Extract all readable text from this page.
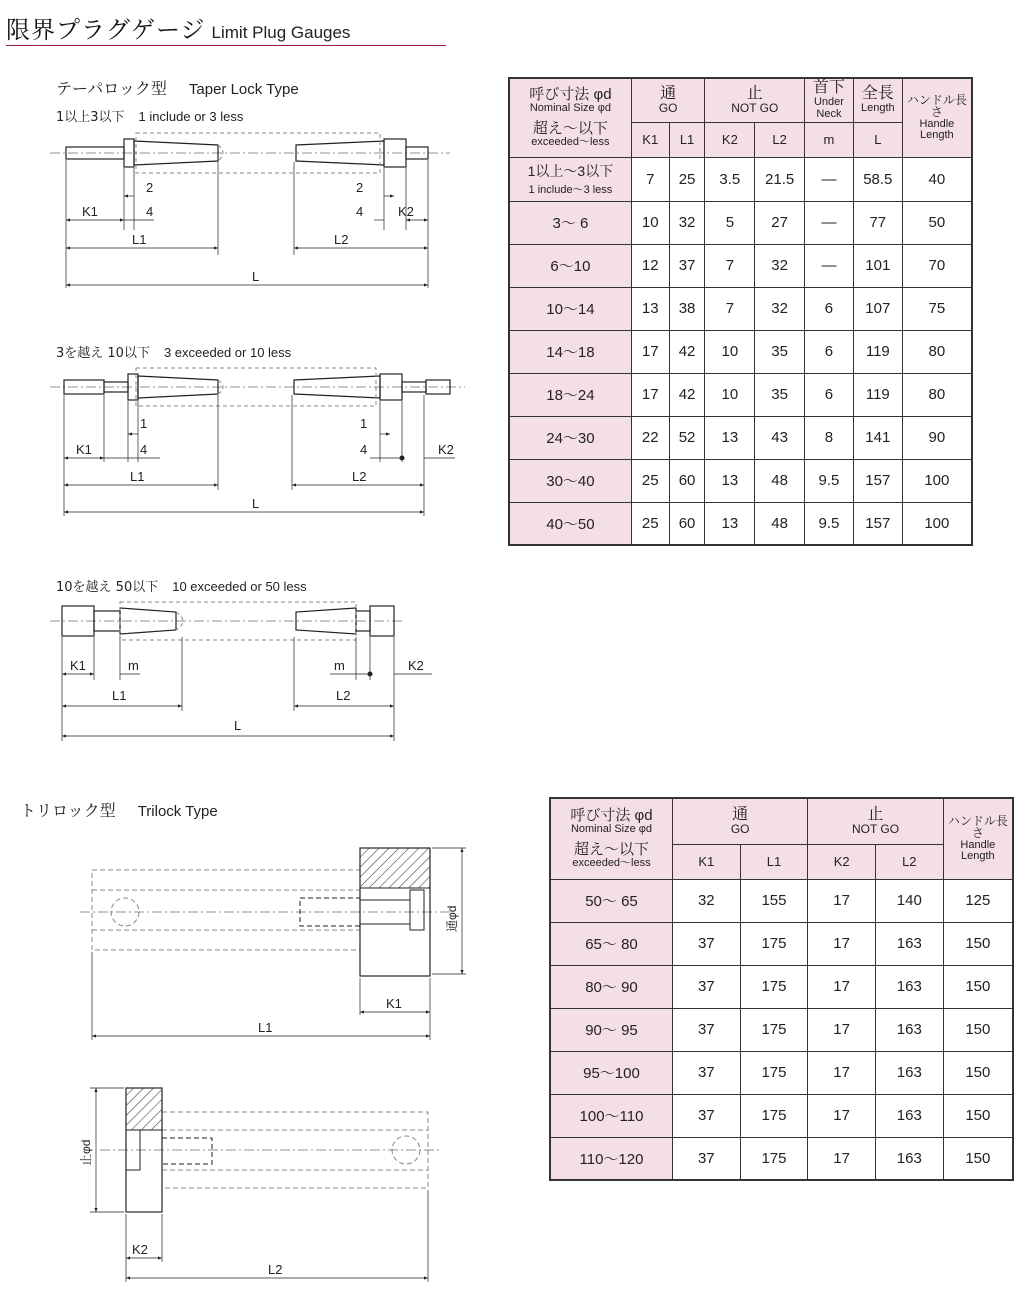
限界プラグゲージ Limit Plug Gauges
テーパロック型 Taper Lock Type
1以上3以下 1 include or 3 less
3を越え 10以下 3 exceeded or 10 less
10を越え 50以下 10 exceeded or 50 less
K1
2
4
L1
2
4	K2
L2
L
K1
1
4
L1
1
4	K2
L2
L
K1	m
L1
m	K2
L2
L
トリロック型 Trilock Type
K1
L1
通φd
止φd
K2
L2
呼び寸法 φd
Nominal Size φd
超え～以下
exceeded～less	通
GO		止
NOT GO		首下
Under
Neck	全長
Length	ハンドル長さ
Handle
Length

	K1	L1	K2	L2	m	L	

1以上～3以下
1 include～3 less	7	25	3.5	21.5	—	58.5	40
3～ 6	10	32	5	27	—	77	50
6～10	12	37	7	32	—	101	70
10～14	13	38	7	32	6	107	75
14～18	17	42	10	35	6	119	80
18～24	17	42	10	35	6	119	80
24～30	22	52	13	43	8	141	90
30～40	25	60	13	48	9.5	157	100
40～50	25	60	13	48	9.5	157	100
呼び寸法 φd
Nominal Size φd
超え～以下
exceeded～less	通
GO		止
NOT GO		ハンドル長さ
Handle
Length

	K1	L1	K2	L2	
50～ 65	32	155	17	140	125
65～ 80	37	175	17	163	150
80～ 90	37	175	17	163	150
90～ 95	37	175	17	163	150
95～100	37	175	17	163	150
100～110	37	175	17	163	150
110～120	37	175	17	163	150
